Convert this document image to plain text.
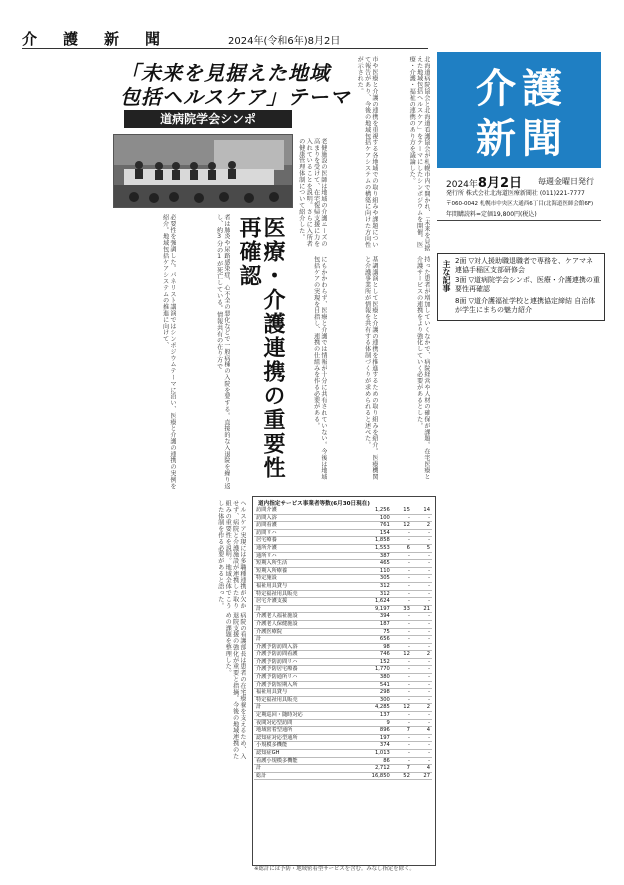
介護新聞	2024年(令和6年)8月2日
「未来を見据えた地域
包括ヘルスケア」テーマ
道病院学会シンポ	北海道病院協会と北海道看護協会が札幌市内で開かれ、「未来を見据えた地域包括ヘルスケア」をテーマにしたシンポジウムを開催。医療・介護・福祉の連携のあり方を議論した。
市や医療と介護の連携を重視する各地域での取り組みや課題について報告があり、今後の地域包括ケアシステムの構築に向けた方向性が示された。
持った患者が増加していくなかで、病院経営や人材の確保が課題。在宅医療と介護サービスの連携をより強化していく必要があるとした。
基調講演として医療と介護の連携を推進するための取り組みを紹介。医療機関と介護事業所が情報を共有する体制づくりが求められると述べた。
老健施設の医師は地域の介護ニーズの高まりを受けて、在宅復帰支援に力を入れていることを説明。さらに入所者の健康管理体制について紹介した。
医療・介護連携の重要性再確認
者は肺炎や尿路感染症、心不全の悪化などで一般病棟の入院を要する。直接的な入退院を繰り返し、約3分の1が死亡している。情報共有の在り方で
必要性を強調した。パネリスト講演ではシンポジウムテーマに沿い、医療と介護の連携の実例を紹介。地域包括ケアシステムの推進に向けて、
ヘルスケア実現には多職種連携が欠かせず、病院と介護施設が連携した取り組みの重要性を説明。地域全体でこうした体制を作る必要があると語った。
病院の看護部長は患者の在宅療養を支えるため、入退院支援の強化が重要と指摘。今後の地域連携のための課題を整理した。
にもかかわらず、医療と介護では情報が十分に共有されていない。今後は地域包括ケアの実現を目指し、連携の仕組みを作る必要がある。
介護
新聞
2024年8月2日 毎週金曜日発行
発行所 株式会社北海道医療新聞社 (011)221-7777
〒060-0042 札幌市中央区大通西6丁目(北海道医師会館6F)
年間購読料=定価19,800円(税込)
主な記事 2面 ▽対人援助職退職者で専務を、ケアマネ連協手稲区支部研修会
3面 ▽道病院学会シンポ、医療・介護連携の重要性再確認
8面 ▽道介護福祉学校と連携協定締結 自治体が学生にまちの魅力紹介
道内指定サービス事業者等数(6月30日現在)
訪問介護	1,256	15	14
訪問入浴	100	-	-
訪問看護	761	12	2
訪問リハ	154	-	-
居宅療養	1,858	-	-
通所介護	1,553	6	5
通所リハ	387	-	-
短期入所生活	465	-	-
短期入所療養	110	-	-
特定施設	305	-	-
福祉用具貸与	312	-	-
特定福祉用具販売	312	-	-
居宅介護支援	1,624	-	-
計	9,197	33	21
介護老人福祉施設	394	-	-
介護老人保健施設	187	-	-
介護医療院	75	-	-
計	656	-	-
介護予防訪問入浴	98	-	-
介護予防訪問看護	746	12	2
介護予防訪問リハ	152	-	-
介護予防居宅療養	1,770	-	-
介護予防通所リハ	380	-	-
介護予防短期入所	541	-	-
福祉用具貸与	298	-	-
特定福祉用具販売	300	-	-
計	4,285	12	2
定期巡回・随時対応	137	-	-
夜間対応型訪問	9	-	-
地域密着型通所	896	7	4
認知症対応型通所	197	-	-
小規模多機能	374	-	-
認知症GH	1,013	-	-
看護小規模多機能	86	-	-
計	2,712	7	4
総計	16,850	52	27
※総計には予防・地域密着型サービスを含む。みなし指定を除く。
